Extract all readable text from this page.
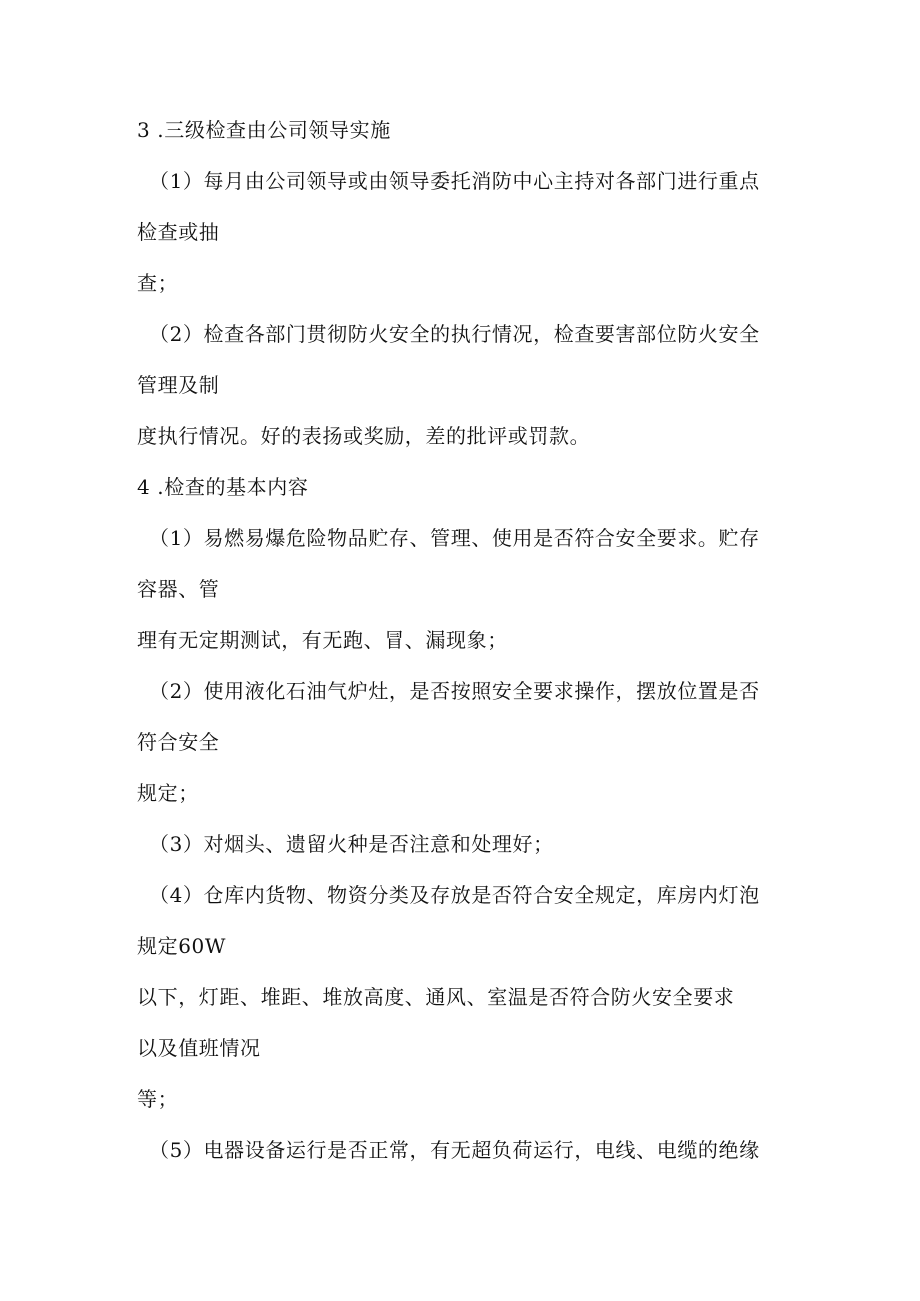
3 .三级检查由公司领导实施
（1）每月由公司领导或由领导委托消防中心主持对各部门进行重点
检查或抽
查；
（2）检查各部门贯彻防火安全的执行情况，检查要害部位防火安全
管理及制
度执行情况。好的表扬或奖励，差的批评或罚款。
4 .检查的基本内容
（1）易燃易爆危险物品贮存、管理、使用是否符合安全要求。贮存
容器、管
理有无定期测试，有无跑、冒、漏现象；
（2）使用液化石油气炉灶，是否按照安全要求操作，摆放位置是否
符合安全
规定；
（3）对烟头、遗留火种是否注意和处理好；
（4）仓库内货物、物资分类及存放是否符合安全规定，库房内灯泡
规定60W
以下，灯距、堆距、堆放高度、通风、室温是否符合防火安全要求
以及值班情况
等；
（5）电器设备运行是否正常，有无超负荷运行，电线、电缆的绝缘
